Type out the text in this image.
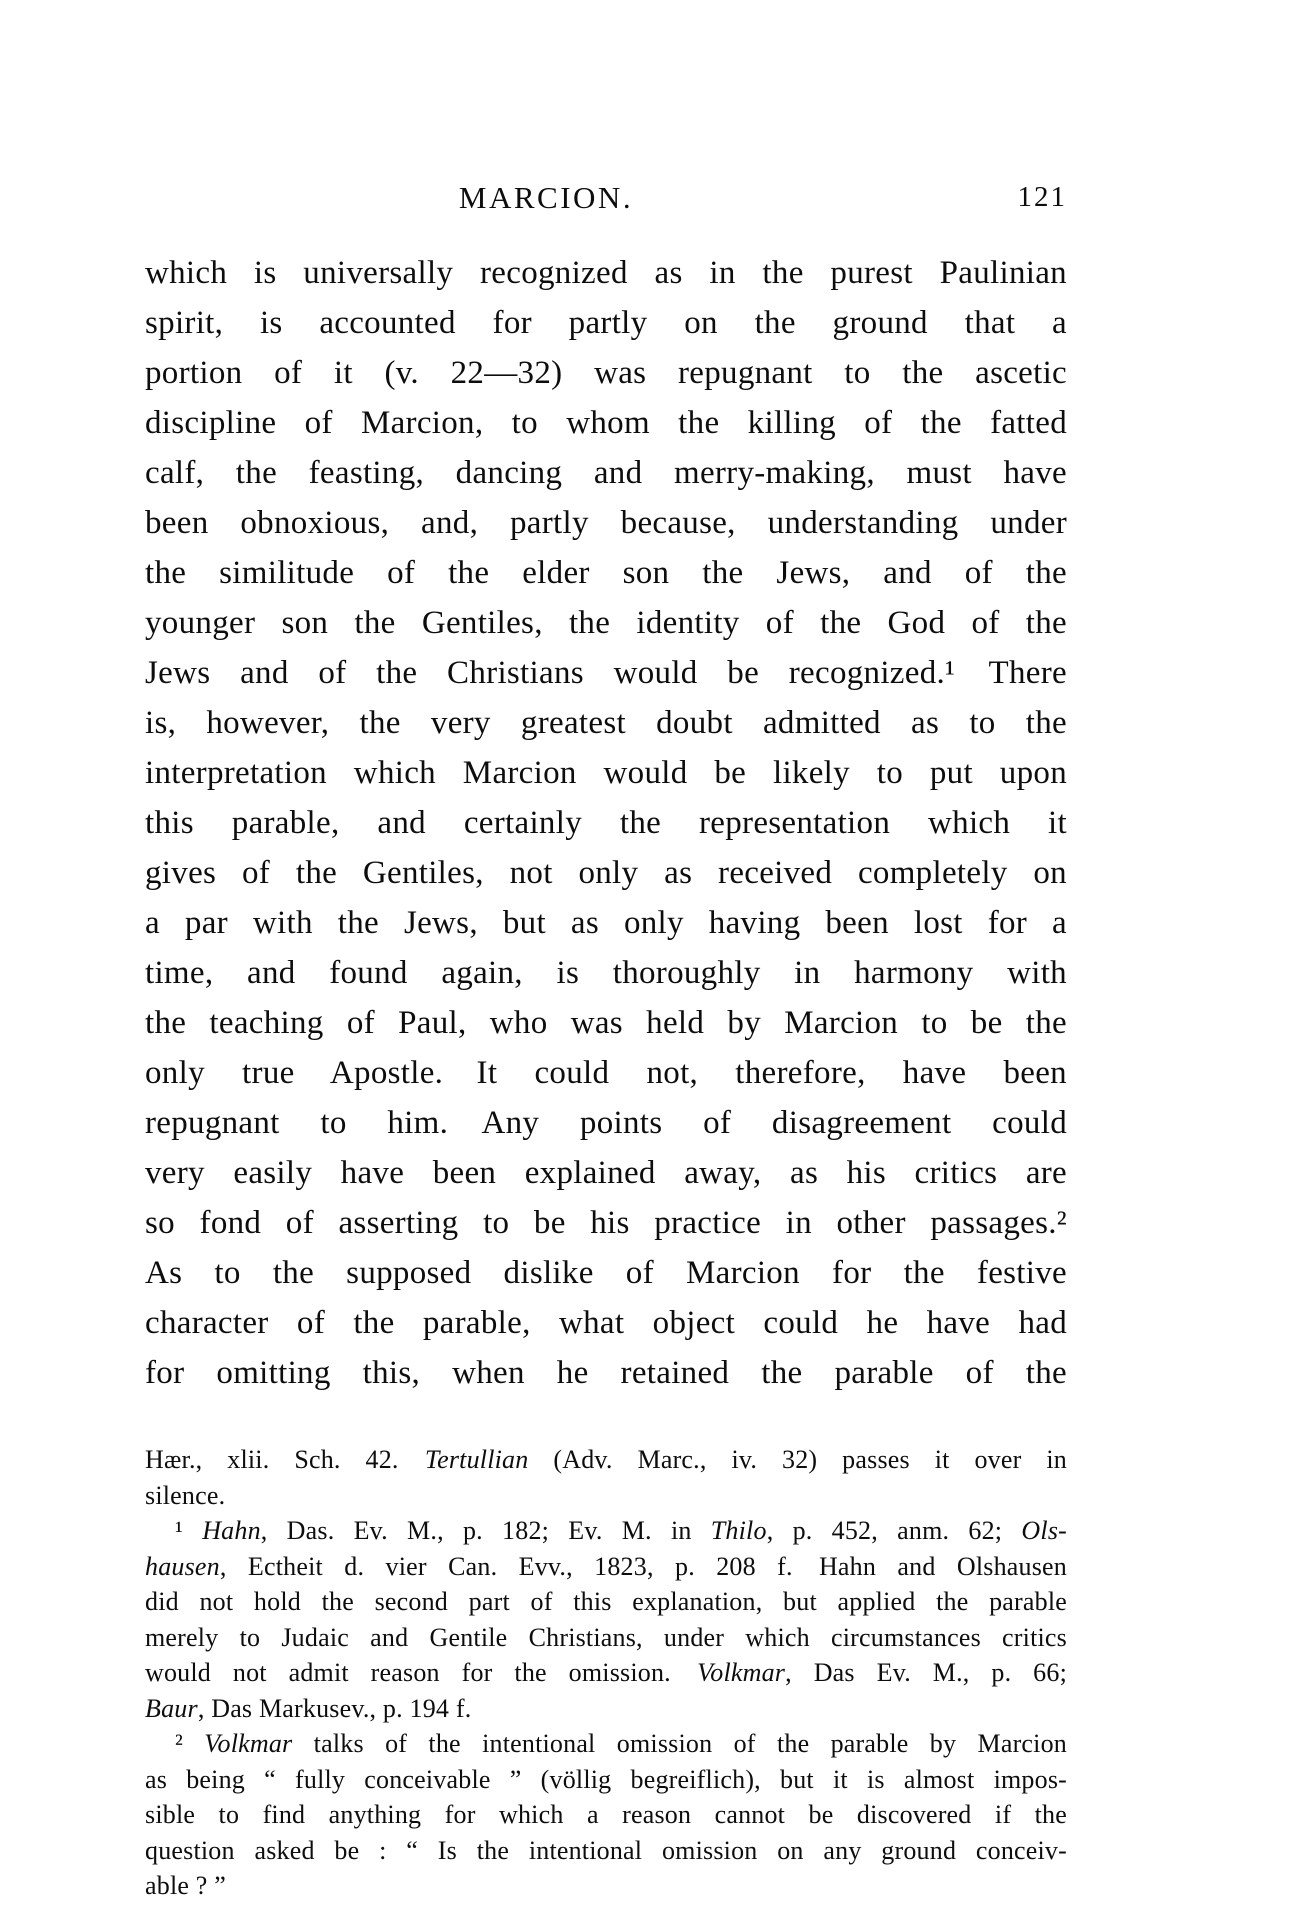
MARCION.	121
which is universally recognized as in the purest Paulinian
spirit, is accounted for partly on the ground that a
portion of it (v. 22—32) was repugnant to the ascetic
discipline of Marcion, to whom the killing of the fatted
calf, the feasting, dancing and merry-making, must have
been obnoxious, and, partly because, understanding under
the similitude of the elder son the Jews, and of the
younger son the Gentiles, the identity of the God of the
Jews and of the Christians would be recognized.¹ There
is, however, the very greatest doubt admitted as to the
interpretation which Marcion would be likely to put upon
this parable, and certainly the representation which it
gives of the Gentiles, not only as received completely on
a par with the Jews, but as only having been lost for a
time, and found again, is thoroughly in harmony with
the teaching of Paul, who was held by Marcion to be the
only true Apostle. It could not, therefore, have been
repugnant to him. Any points of disagreement could
very easily have been explained away, as his critics are
so fond of asserting to be his practice in other passages.²
As to the supposed dislike of Marcion for the festive
character of the parable, what object could he have had
for omitting this, when he retained the parable of the
Hær., xlii. Sch. 42. Tertullian (Adv. Marc., iv. 32) passes it over in
silence.
¹ Hahn, Das. Ev. M., p. 182; Ev. M. in Thilo, p. 452, anm. 62; Ols-
hausen, Ectheit d. vier Can. Evv., 1823, p. 208 f. Hahn and Olshausen
did not hold the second part of this explanation, but applied the parable
merely to Judaic and Gentile Christians, under which circumstances critics
would not admit reason for the omission. Volkmar, Das Ev. M., p. 66;
Baur, Das Markusev., p. 194 f.
² Volkmar talks of the intentional omission of the parable by Marcion
as being “ fully conceivable ” (völlig begreiflich), but it is almost impos-
sible to find anything for which a reason cannot be discovered if the
question asked be : “ Is the intentional omission on any ground conceiv-
able ? ”
